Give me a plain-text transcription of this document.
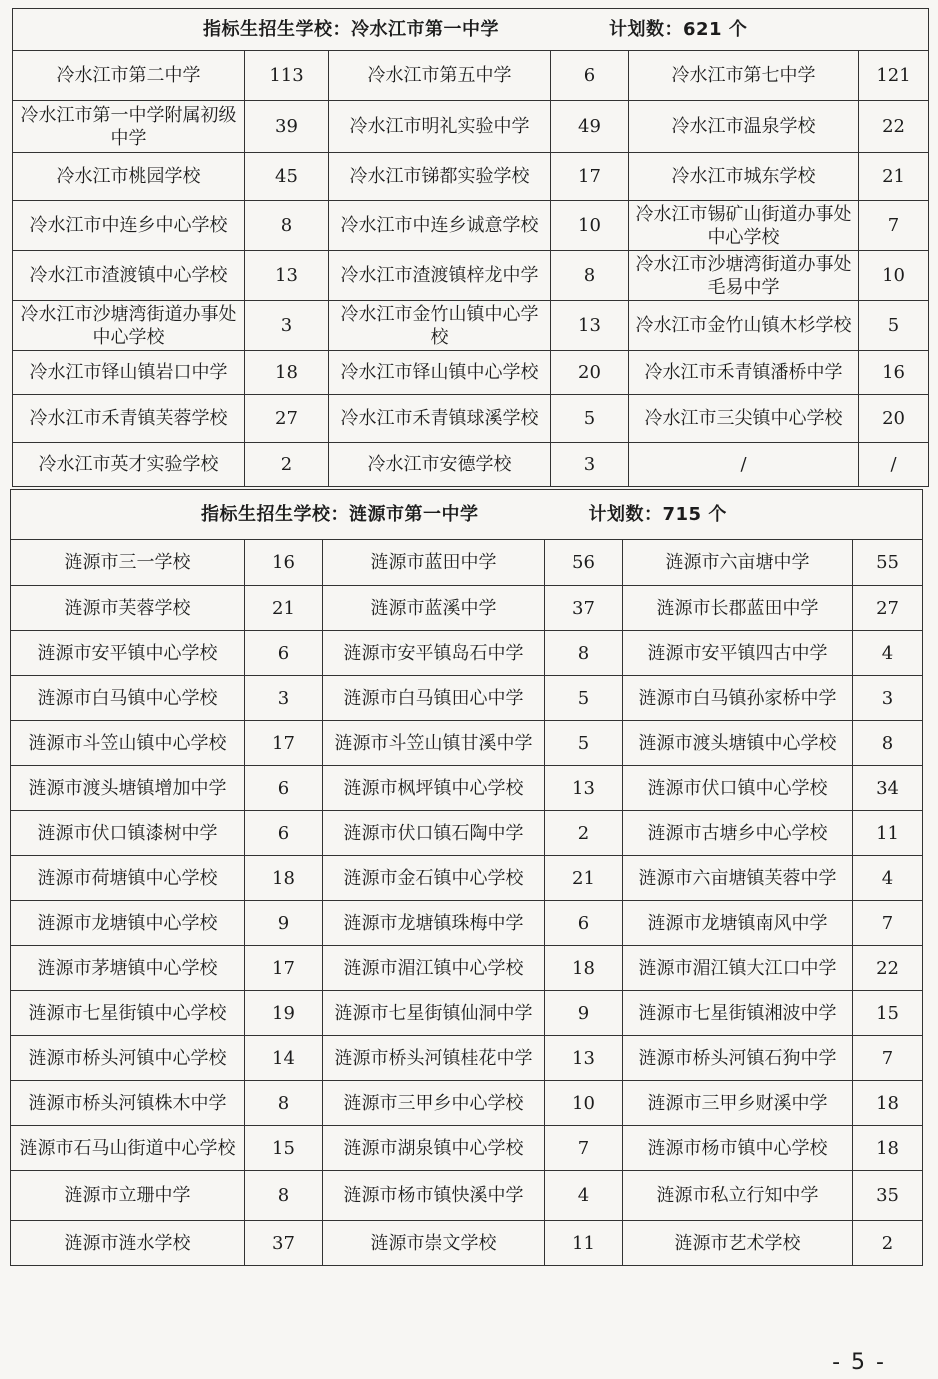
指标生招生学校：冷水江市第一中学 计划数：621 个					
冷水江市第二中学	113	冷水江市第五中学	6	冷水江市第七中学	121
冷水江市第一中学附属初级中学	39	冷水江市明礼实验中学	49	冷水江市温泉学校	22
冷水江市桃园学校	45	冷水江市锑都实验学校	17	冷水江市城东学校	21
冷水江市中连乡中心学校	8	冷水江市中连乡诚意学校	10	冷水江市锡矿山街道办事处中心学校	7
冷水江市渣渡镇中心学校	13	冷水江市渣渡镇梓龙中学	8	冷水江市沙塘湾街道办事处毛易中学	10
冷水江市沙塘湾街道办事处中心学校	3	冷水江市金竹山镇中心学校	13	冷水江市金竹山镇木杉学校	5
冷水江市铎山镇岩口中学	18	冷水江市铎山镇中心学校	20	冷水江市禾青镇潘桥中学	16
冷水江市禾青镇芙蓉学校	27	冷水江市禾青镇球溪学校	5	冷水江市三尖镇中心学校	20
冷水江市英才实验学校	2	冷水江市安德学校	3	/	/
指标生招生学校：涟源市第一中学 计划数：715 个					
涟源市三一学校	16	涟源市蓝田中学	56	涟源市六亩塘中学	55
涟源市芙蓉学校	21	涟源市蓝溪中学	37	涟源市长郡蓝田中学	27
涟源市安平镇中心学校	6	涟源市安平镇岛石中学	8	涟源市安平镇四古中学	4
涟源市白马镇中心学校	3	涟源市白马镇田心中学	5	涟源市白马镇孙家桥中学	3
涟源市斗笠山镇中心学校	17	涟源市斗笠山镇甘溪中学	5	涟源市渡头塘镇中心学校	8
涟源市渡头塘镇增加中学	6	涟源市枫坪镇中心学校	13	涟源市伏口镇中心学校	34
涟源市伏口镇漆树中学	6	涟源市伏口镇石陶中学	2	涟源市古塘乡中心学校	11
涟源市荷塘镇中心学校	18	涟源市金石镇中心学校	21	涟源市六亩塘镇芙蓉中学	4
涟源市龙塘镇中心学校	9	涟源市龙塘镇珠梅中学	6	涟源市龙塘镇南风中学	7
涟源市茅塘镇中心学校	17	涟源市湄江镇中心学校	18	涟源市湄江镇大江口中学	22
涟源市七星街镇中心学校	19	涟源市七星街镇仙洞中学	9	涟源市七星街镇湘波中学	15
涟源市桥头河镇中心学校	14	涟源市桥头河镇桂花中学	13	涟源市桥头河镇石狗中学	7
涟源市桥头河镇株木中学	8	涟源市三甲乡中心学校	10	涟源市三甲乡财溪中学	18
涟源市石马山街道中心学校	15	涟源市湖泉镇中心学校	7	涟源市杨市镇中心学校	18
涟源市立珊中学	8	涟源市杨市镇快溪中学	4	涟源市私立行知中学	35
涟源市涟水学校	37	涟源市崇文学校	11	涟源市艺术学校	2
- 5 -
